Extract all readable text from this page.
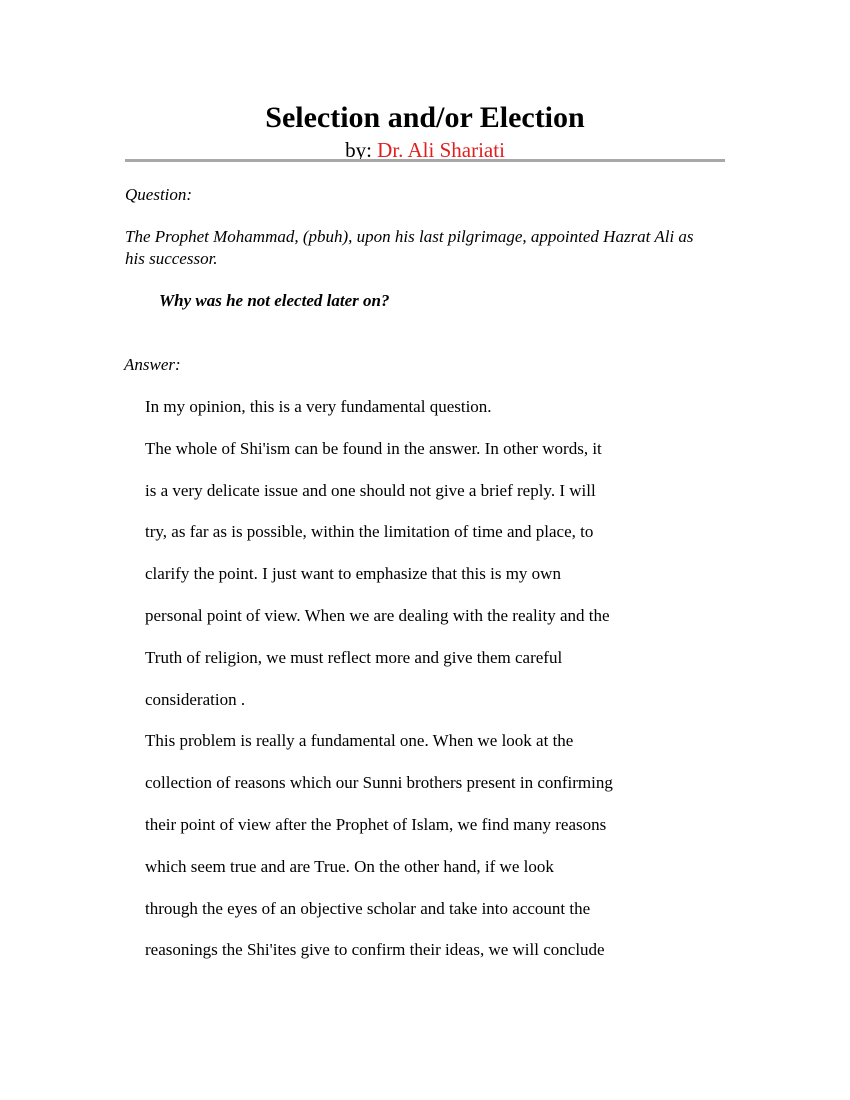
Selection and/or Election
by: Dr. Ali Shariati
Question:
The Prophet Mohammad, (pbuh), upon his last pilgrimage, appointed Hazrat Ali as his successor.
Why was he not elected later on?
Answer:
In my opinion, this is a very fundamental question.
The whole of Shi'ism can be found in the answer. In other words, it
is a very delicate issue and one should not give a brief reply. I will
try, as far as is possible, within the limitation of time and place, to
clarify the point. I just want to emphasize that this is my own
personal point of view. When we are dealing with the reality and the
Truth of religion, we must reflect more and give them careful
consideration .
This problem is really a fundamental one. When we look at the
collection of reasons which our Sunni brothers present in confirming
their point of view after the Prophet of Islam, we find many reasons
which seem true and are True. On the other hand, if we look
through the eyes of an objective scholar and take into account the
reasonings the Shi'ites give to confirm their ideas, we will conclude
